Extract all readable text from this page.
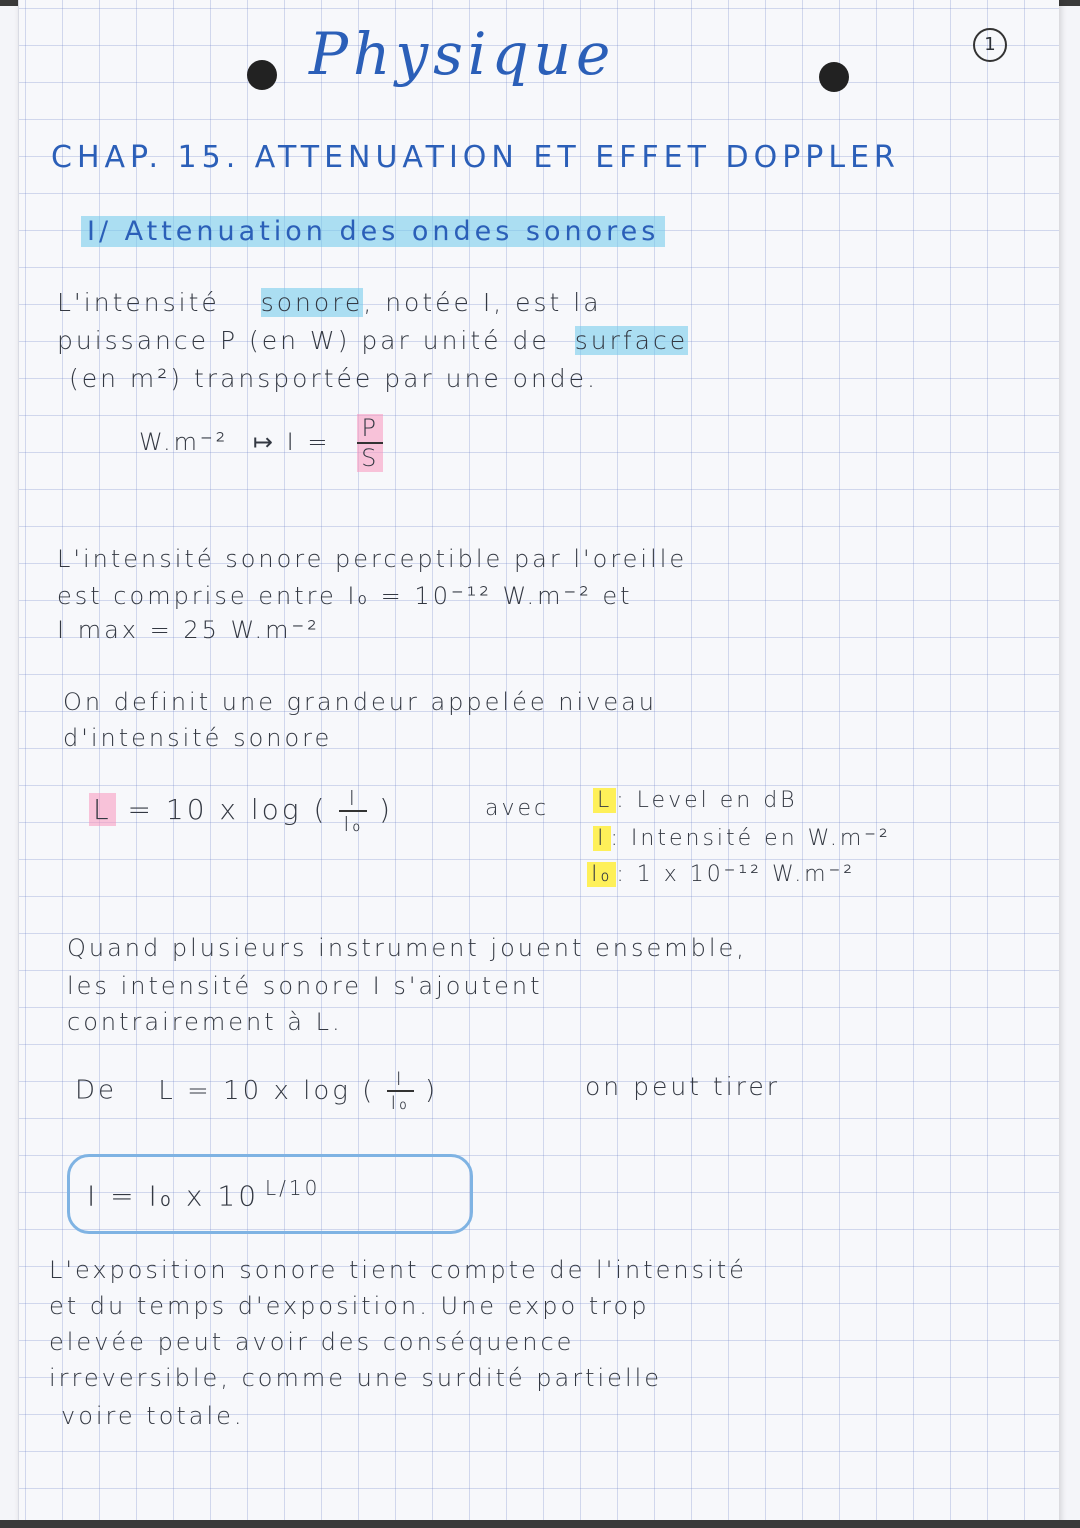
Physique	1
CHAP. 15. ATTENUATION ET EFFET DOPPLER
I/ Attenuation des ondes sonores
L'intensité sonore, notée I, est la
puissance P (en W) par unité de surface
(en m²) transportée par une onde.
W.m⁻² ↦ $I = \frac{P}{S}$
L'intensité sonore perceptible par l'oreille
est comprise entre I₀ = 10⁻¹² W.m⁻² et
I max = 25 W.m⁻²
On definit une grandeur appelée niveau
d'intensité sonore
L = 10 x log ( $\frac{I}{\text{I₀}}$ )	avec L : Level en dB
I : Intensité en W.m⁻²
I₀ : 1 x 10⁻¹² W.m⁻²
Quand plusieurs instrument jouent ensemble,
les intensité sonore I s'ajoutent
contrairement à L.
De L = 10 x log ( $\frac{I}{\text{I₀}}$ )	on peut tirer
I = I₀ x 10 $^{L/10}$
L'exposition sonore tient compte de l'intensité
et du temps d'exposition. Une expo trop
elevée peut avoir des conséquence
irreversible, comme une surdité partielle
voire totale.
